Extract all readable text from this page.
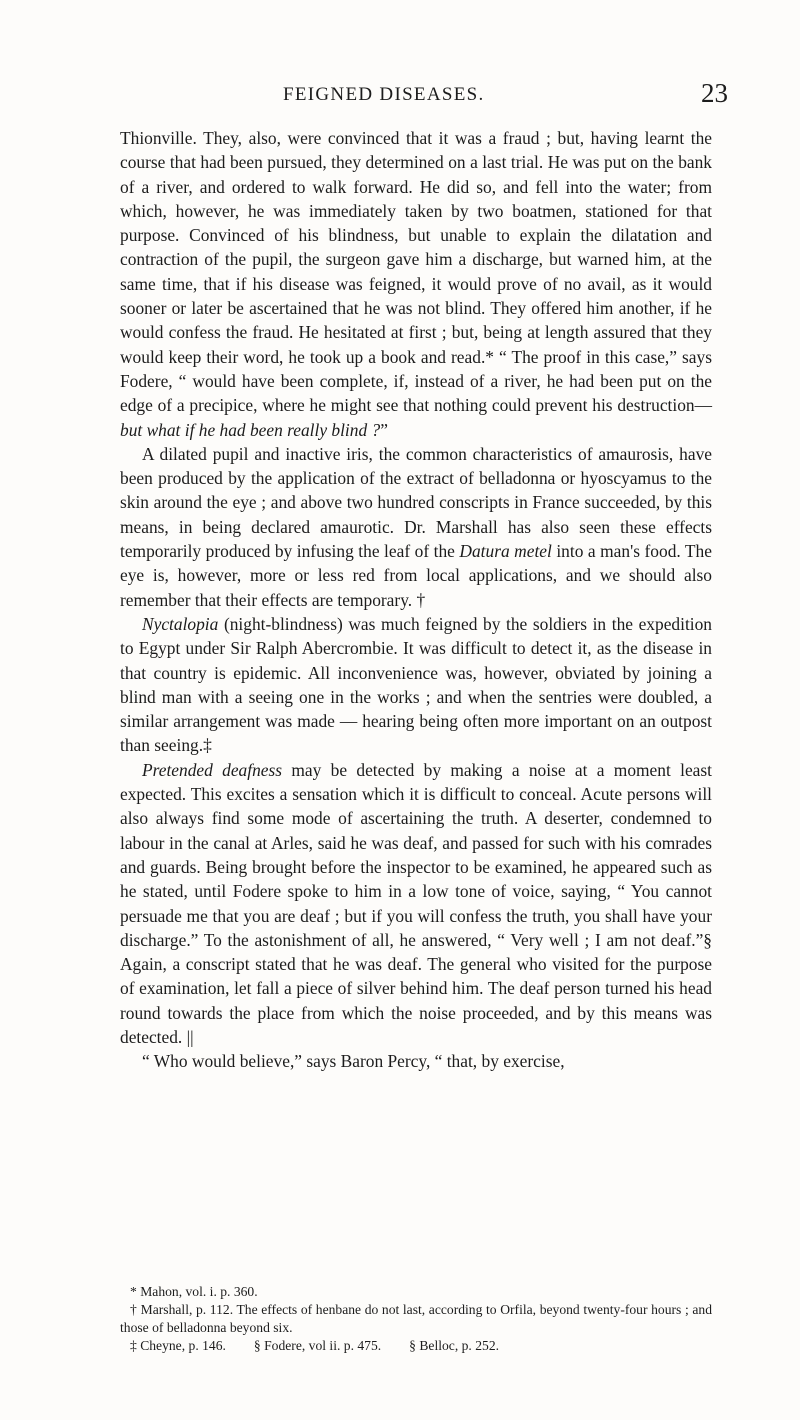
FEIGNED DISEASES.	23

Thionville. They, also, were convinced that it was a fraud ; but, having learnt the course that had been pursued, they determined on a last trial. He was put on the bank of a river, and ordered to walk forward. He did so, and fell into the water; from which, however, he was immediately taken by two boatmen, stationed for that purpose. Convinced of his blindness, but unable to explain the dilatation and contraction of the pupil, the surgeon gave him a discharge, but warned him, at the same time, that if his disease was feigned, it would prove of no avail, as it would sooner or later be ascertained that he was not blind. They offered him another, if he would confess the fraud. He hesitated at first ; but, being at length assured that they would keep their word, he took up a book and read.* “ The proof in this case,” says Fodere, “ would have been complete, if, instead of a river, he had been put on the edge of a precipice, where he might see that nothing could prevent his destruction—but what if he had been really blind ?”

A dilated pupil and inactive iris, the common characteristics of amaurosis, have been produced by the application of the extract of belladonna or hyoscyamus to the skin around the eye ; and above two hundred conscripts in France succeeded, by this means, in being declared amaurotic. Dr. Marshall has also seen these effects temporarily produced by infusing the leaf of the Datura metel into a man's food. The eye is, however, more or less red from local applications, and we should also remember that their effects are temporary. †

Nyctalopia (night-blindness) was much feigned by the soldiers in the expedition to Egypt under Sir Ralph Abercrombie. It was difficult to detect it, as the disease in that country is epidemic. All inconvenience was, however, obviated by joining a blind man with a seeing one in the works ; and when the sentries were doubled, a similar arrangement was made — hearing being often more important on an outpost than seeing.‡

Pretended deafness may be detected by making a noise at a moment least expected. This excites a sensation which it is difficult to conceal. Acute persons will also always find some mode of ascertaining the truth. A deserter, condemned to labour in the canal at Arles, said he was deaf, and passed for such with his comrades and guards. Being brought before the inspector to be examined, he appeared such as he stated, until Fodere spoke to him in a low tone of voice, saying, “ You cannot persuade me that you are deaf ; but if you will confess the truth, you shall have your discharge.” To the astonishment of all, he answered, “ Very well ; I am not deaf.”§ Again, a conscript stated that he was deaf. The general who visited for the purpose of examination, let fall a piece of silver behind him. The deaf person turned his head round towards the place from which the noise proceeded, and by this means was detected. ||

“ Who would believe,” says Baron Percy, “ that, by exercise,

* Mahon, vol. i. p. 360.
† Marshall, p. 112. The effects of henbane do not last, according to Orfila, beyond twenty-four hours ; and those of belladonna beyond six.
‡ Cheyne, p. 146. § Fodere, vol ii. p. 475. § Belloc, p. 252.
